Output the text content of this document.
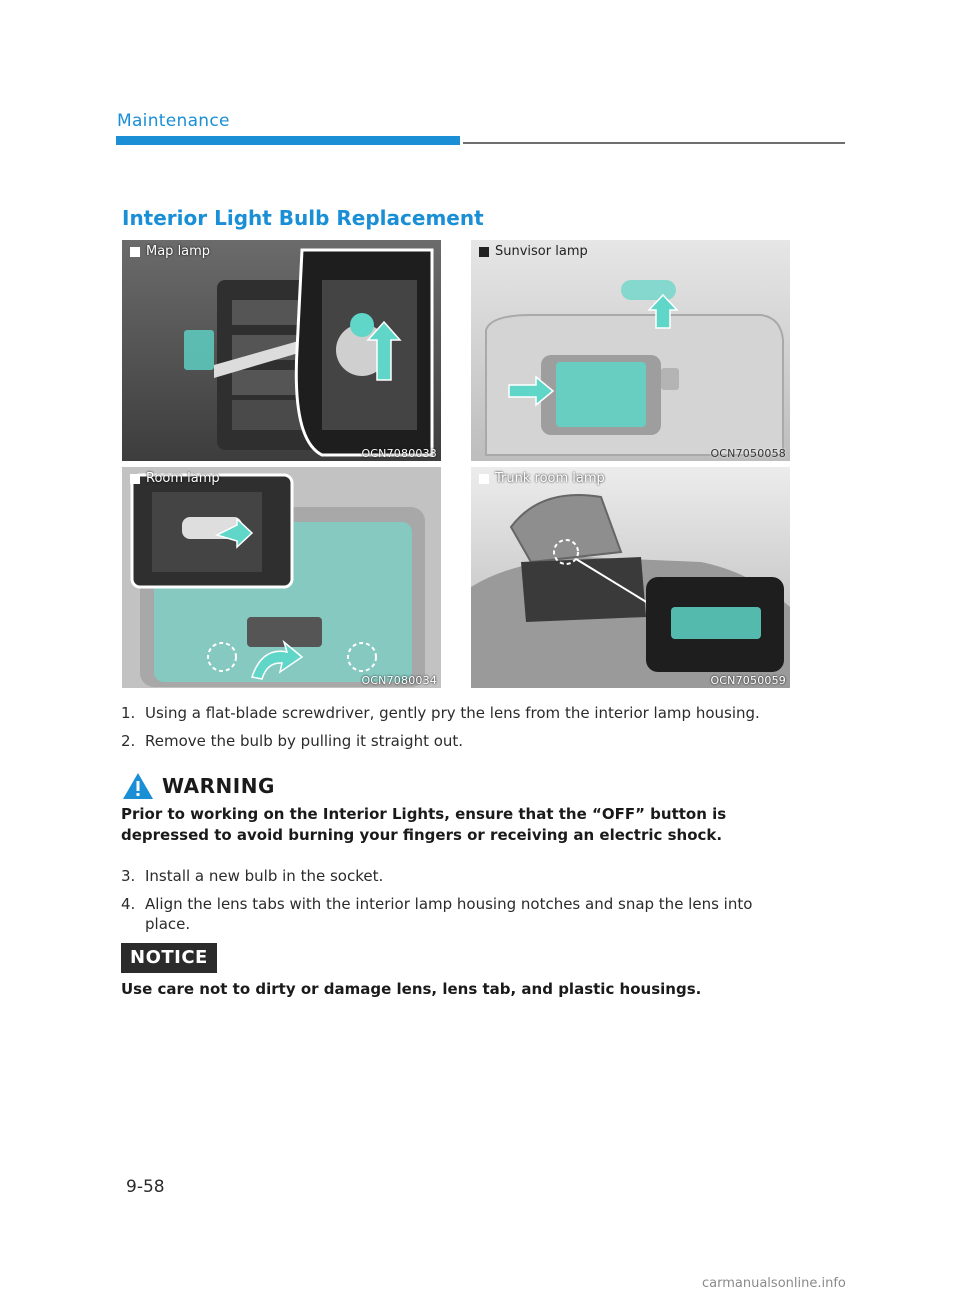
Maintenance
Interior Light Bulb Replacement
Map lamp
OCN7080033
Sunvisor lamp
OCN7050058
Room lamp
OCN7080034
Trunk room lamp
OCN7050059
1. Using a flat-blade screwdriver, gently pry the lens from the interior lamp housing.
2. Remove the bulb by pulling it straight out.
WARNING
Prior to working on the Interior Lights, ensure that the “OFF” button is depressed to avoid burning your fingers or receiving an electric shock.
3. Install a new bulb in the socket.
4. Align the lens tabs with the interior lamp housing notches and snap the lens into place.
NOTICE
Use care not to dirty or damage lens, lens tab, and plastic housings.
9-58
carmanualsonline.info
